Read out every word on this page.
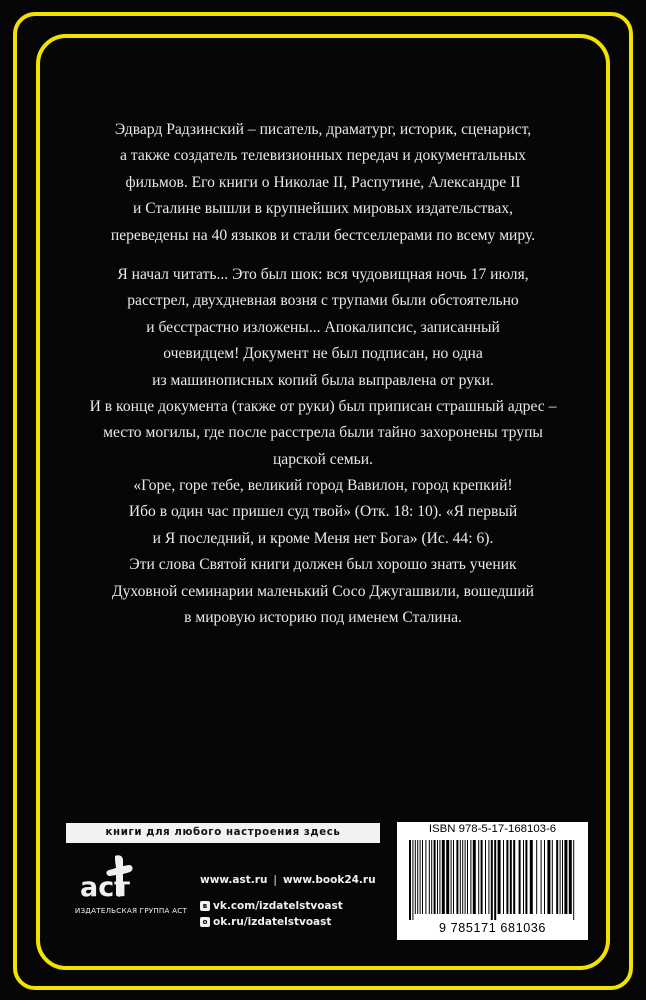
Эдвард Радзинский – писатель, драматург, историк, сценарист,
а также создатель телевизионных передач и документальных
фильмов. Его книги о Николае II, Распутине, Александре II
и Сталине вышли в крупнейших мировых издательствах,
переведены на 40 языков и стали бестселлерами по всему миру.

Я начал читать... Это был шок: вся чудовищная ночь 17 июля,
расстрел, двухдневная возня с трупами были обстоятельно
и бесстрастно изложены... Апокалипсис, записанный
очевидцем! Документ не был подписан, но одна
из машинописных копий была выправлена от руки.
И в конце документа (также от руки) был приписан страшный адрес –
место могилы, где после расстрела были тайно захоронены трупы
царской семьи.

«Горе, горе тебе, великий город Вавилон, город крепкий!
Ибо в один час пришел суд твой» (Отк. 18: 10). «Я первый
и Я последний, и кроме Меня нет Бога» (Ис. 44: 6).
Эти слова Святой книги должен был хорошо знать ученик
Духовной семинарии маленький Сосо Джугашвили, вошедший
в мировую историю под именем Сталина.

книги для любого настроения здесь
аст
ИЗДАТЕЛЬСКАЯ ГРУППА АСТ
www.ast.ru | www.book24.ru
в vk.com/izdatelstvoast
о ok.ru/izdatelstvoast
ISBN 978-5-17-168103-6
9 785171 681036
